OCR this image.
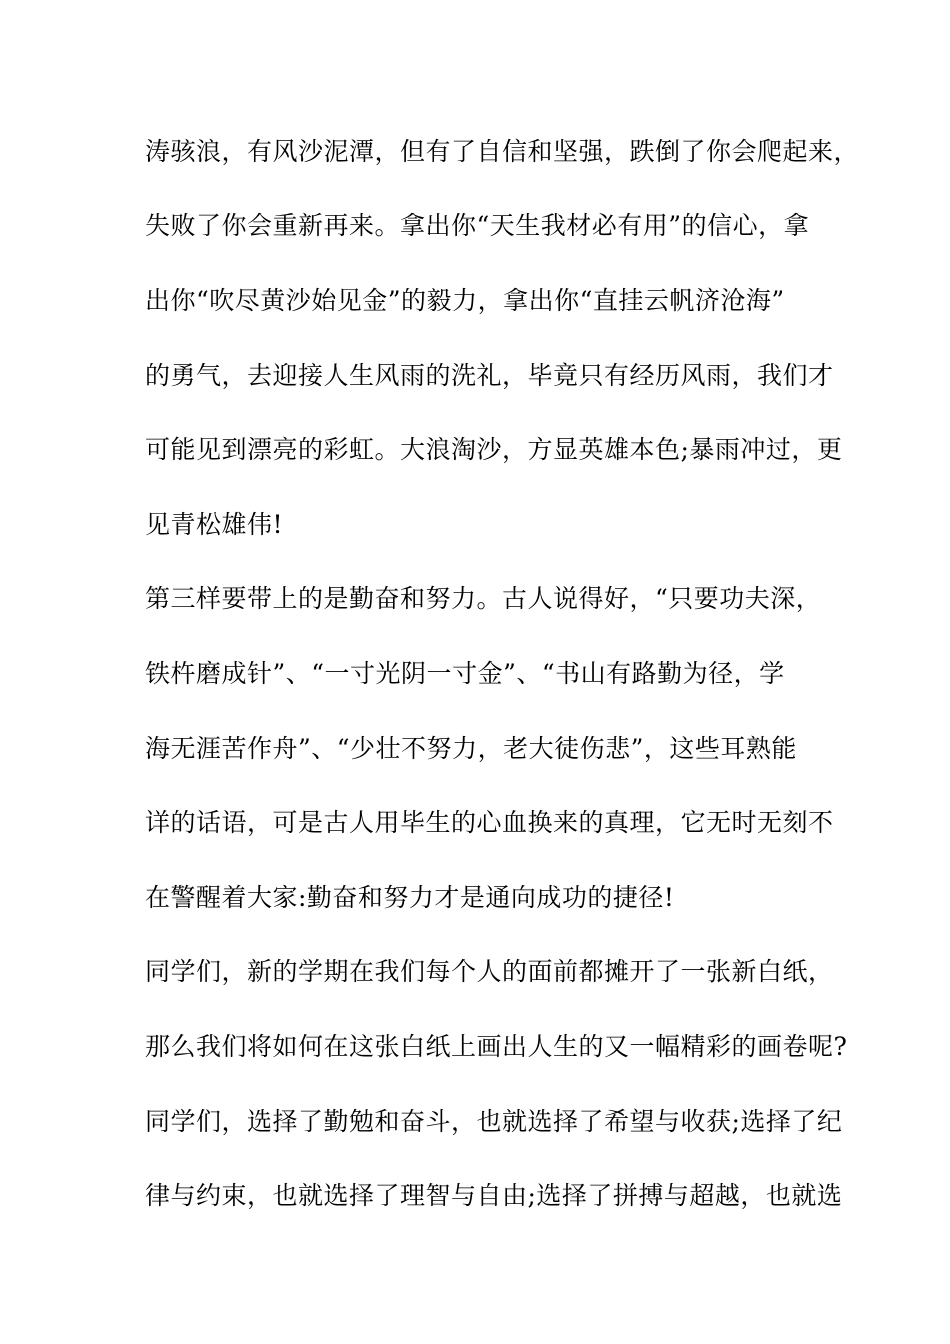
涛骇浪，有风沙泥潭，但有了自信和坚强，跌倒了你会爬起来，
失败了你会重新再来。拿出你“天生我材必有用”的信心，拿
出你“吹尽黄沙始见金”的毅力，拿出你“直挂云帆济沧海”
的勇气，去迎接人生风雨的洗礼，毕竟只有经历风雨，我们才
可能见到漂亮的彩虹。大浪淘沙，方显英雄本色;暴雨冲过，更
见青松雄伟!
第三样要带上的是勤奋和努力。古人说得好，“只要功夫深，
铁杵磨成针”、“一寸光阴一寸金”、“书山有路勤为径，学
海无涯苦作舟”、“少壮不努力，老大徒伤悲”，这些耳熟能
详的话语，可是古人用毕生的心血换来的真理，它无时无刻不
在警醒着大家:勤奋和努力才是通向成功的捷径!
同学们，新的学期在我们每个人的面前都摊开了一张新白纸，
那么我们将如何在这张白纸上画出人生的又一幅精彩的画卷呢?
同学们，选择了勤勉和奋斗，也就选择了希望与收获;选择了纪
律与约束，也就选择了理智与自由;选择了拼搏与超越，也就选
